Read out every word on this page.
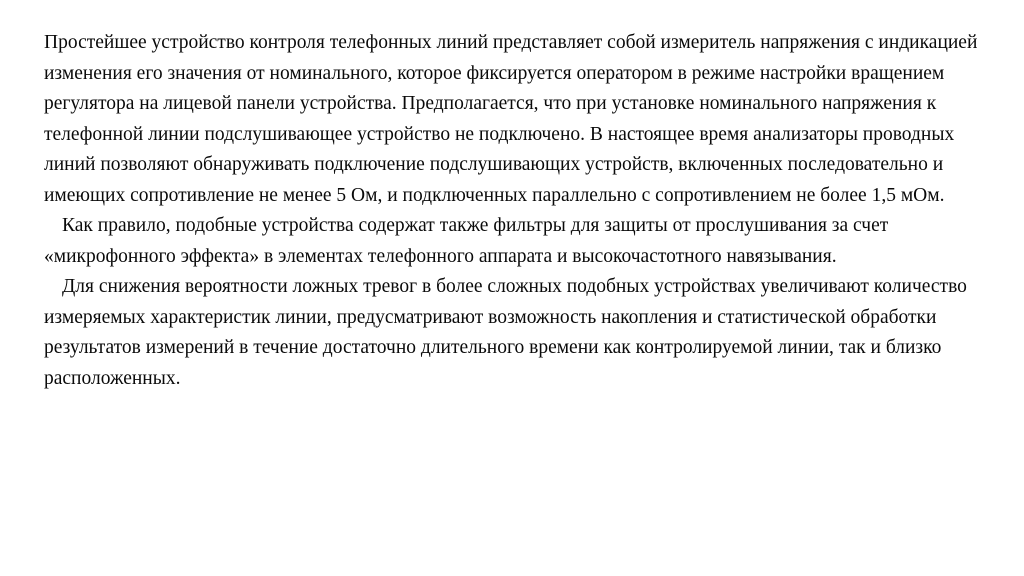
Простейшее устройство контроля телефонных линий представляет собой измеритель напряжения с индикацией изменения его значения от номинального, которое фиксируется оператором в режиме настройки вращением регулятора на лицевой панели устройства. Предполагается, что при установке номинального напряжения к телефонной линии подслушивающее устройство не подключено. В настоящее время анализаторы проводных линий позволяют обнаруживать подключение подслушивающих устройств, включенных последовательно и имеющих сопротивление не менее 5 Ом, и подключенных параллельно с сопротивлением не более 1,5 мОм.

Как правило, подобные устройства содержат также фильтры для защиты от прослушивания за счет «микрофонного эффекта» в элементах телефонного аппарата и высокочастотного навязывания.

Для снижения вероятности ложных тревог в более сложных подобных устройствах увеличивают количество измеряемых характеристик линии, предусматривают возможность накопления и статистической обработки результатов измерений в течение достаточно длительного времени как контролируемой линии, так и близко расположенных.
